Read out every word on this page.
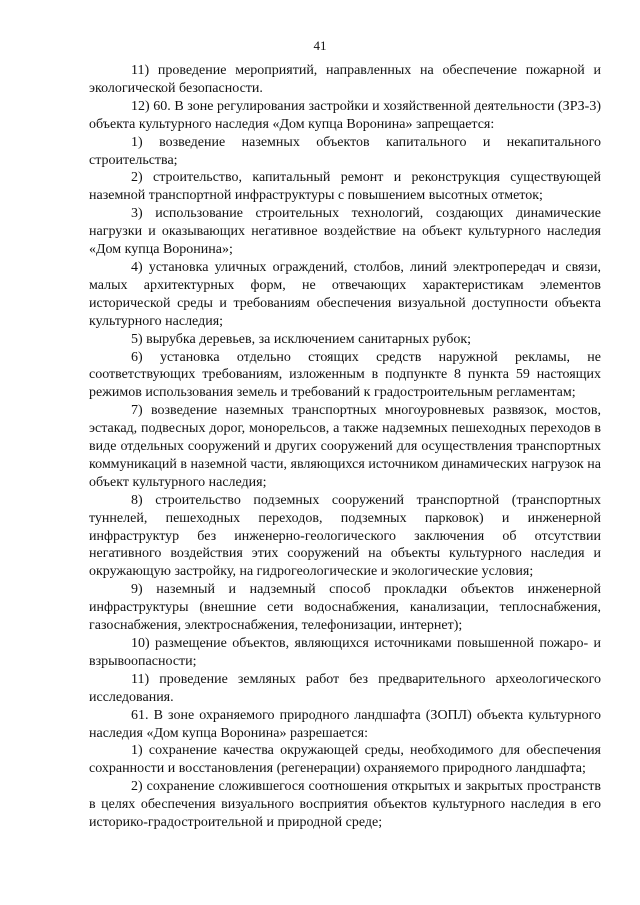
41

11) проведение мероприятий, направленных на обеспечение пожарной и экологической безопасности.

12) 60. В зоне регулирования застройки и хозяйственной деятельности (ЗРЗ-3) объекта культурного наследия «Дом купца Воронина» запрещается:

1) возведение наземных объектов капитального и некапитального строительства;

2) строительство, капитальный ремонт и реконструкция существующей наземной транспортной инфраструктуры с повышением высотных отметок;

3) использование строительных технологий, создающих динамические нагрузки и оказывающих негативное воздействие на объект культурного наследия «Дом купца Воронина»;

4) установка уличных ограждений, столбов, линий электропередач и связи, малых архитектурных форм, не отвечающих характеристикам элементов исторической среды и требованиям обеспечения визуальной доступности объекта культурного наследия;

5) вырубка деревьев, за исключением санитарных рубок;

6) установка отдельно стоящих средств наружной рекламы, не соответствующих требованиям, изложенным в подпункте 8 пункта 59 настоящих режимов использования земель и требований к градостроительным регламентам;

7) возведение наземных транспортных многоуровневых развязок, мостов, эстакад, подвесных дорог, монорельсов, а также надземных пешеходных переходов в виде отдельных сооружений и других сооружений для осуществления транспортных коммуникаций в наземной части, являющихся источником динамических нагрузок на объект культурного наследия;

8) строительство подземных сооружений транспортной (транспортных туннелей, пешеходных переходов, подземных парковок) и инженерной инфраструктур без инженерно-геологического заключения об отсутствии негативного воздействия этих сооружений на объекты культурного наследия и окружающую застройку, на гидрогеологические и экологические условия;

9) наземный и надземный способ прокладки объектов инженерной инфраструктуры (внешние сети водоснабжения, канализации, теплоснабжения, газоснабжения, электроснабжения, телефонизации, интернет);

10) размещение объектов, являющихся источниками повышенной пожаро- и взрывоопасности;

11) проведение земляных работ без предварительного археологического исследования.

61. В зоне охраняемого природного ландшафта (ЗОПЛ) объекта культурного наследия «Дом купца Воронина» разрешается:

1) сохранение качества окружающей среды, необходимого для обеспечения сохранности и восстановления (регенерации) охраняемого природного ландшафта;

2) сохранение сложившегося соотношения открытых и закрытых пространств в целях обеспечения визуального восприятия объектов культурного наследия в его историко-градостроительной и природной среде;
